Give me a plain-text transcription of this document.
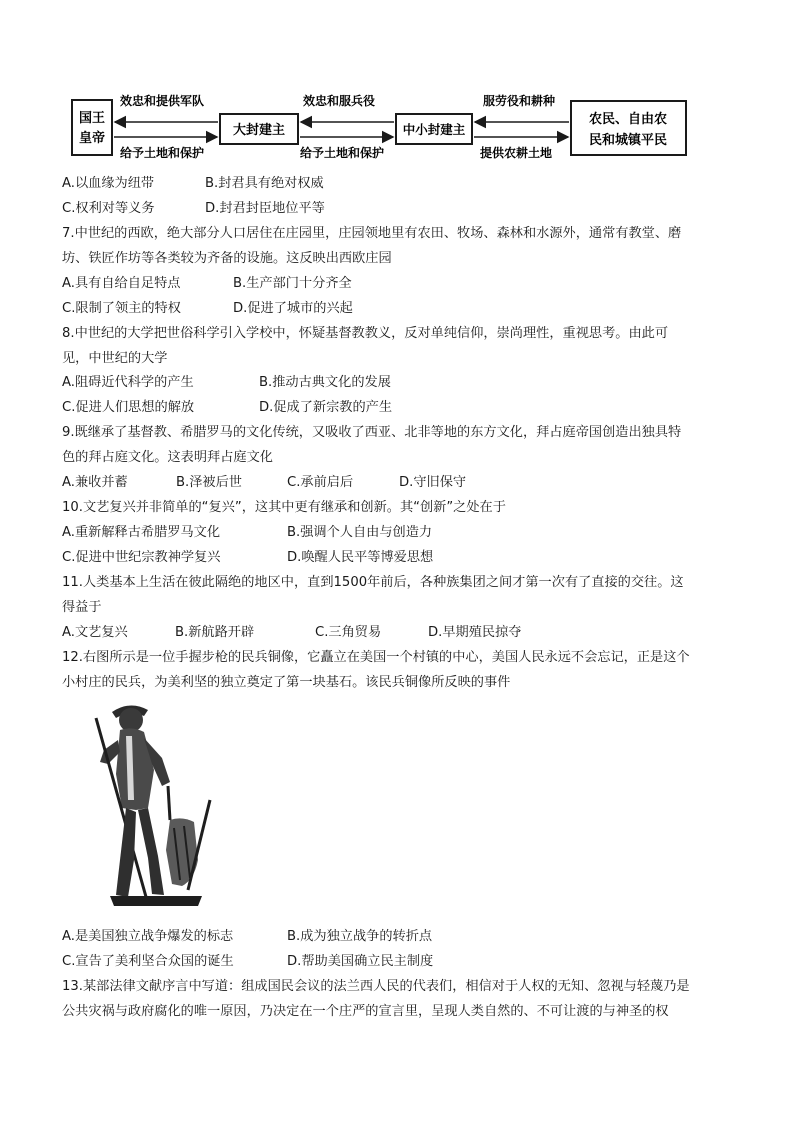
国王
皇帝
大封建主	中小封建主
农民、自由农
民和城镇平民
效忠和提供军队
给予土地和保护
效忠和服兵役
给予土地和保护
服劳役和耕种
提供农耕土地
A.以血缘为纽带	B.封君具有绝对权威
C.权利对等义务	D.封君封臣地位平等
7.中世纪的西欧，绝大部分人口居住在庄园里，庄园领地里有农田、牧场、森林和水源外，通常有教堂、磨
坊、铁匠作坊等各类较为齐备的设施。这反映出西欧庄园
A.具有自给自足特点	B.生产部门十分齐全
C.限制了领主的特权	D.促进了城市的兴起
8.中世纪的大学把世俗科学引入学校中，怀疑基督教教义，反对单纯信仰，崇尚理性，重视思考。由此可
见，中世纪的大学
A.阻碍近代科学的产生	B.推动古典文化的发展
C.促进人们思想的解放	D.促成了新宗教的产生
9.既继承了基督教、希腊罗马的文化传统，又吸收了西亚、北非等地的东方文化，拜占庭帝国创造出独具特
色的拜占庭文化。这表明拜占庭文化
A.兼收并蓄	B.泽被后世	C.承前启后	D.守旧保守
10.文艺复兴并非简单的“复兴”，这其中更有继承和创新。其“创新”之处在于
A.重新解释古希腊罗马文化	B.强调个人自由与创造力
C.促进中世纪宗教神学复兴	D.唤醒人民平等博爱思想
11.人类基本上生活在彼此隔绝的地区中，直到1500年前后，各种族集团之间才第一次有了直接的交往。这
得益于
A.文艺复兴	B.新航路开辟	C.三角贸易	D.早期殖民掠夺
12.右图所示是一位手握步枪的民兵铜像，它矗立在美国一个村镇的中心，美国人民永远不会忘记，正是这个
小村庄的民兵，为美利坚的独立奠定了第一块基石。该民兵铜像所反映的事件
A.是美国独立战争爆发的标志	B.成为独立战争的转折点
C.宣告了美利坚合众国的诞生	D.帮助美国确立民主制度
13.某部法律文献序言中写道：组成国民会议的法兰西人民的代表们，相信对于人权的无知、忽视与轻蔑乃是
公共灾祸与政府腐化的唯一原因，乃决定在一个庄严的宣言里，呈现人类自然的、不可让渡的与神圣的权
